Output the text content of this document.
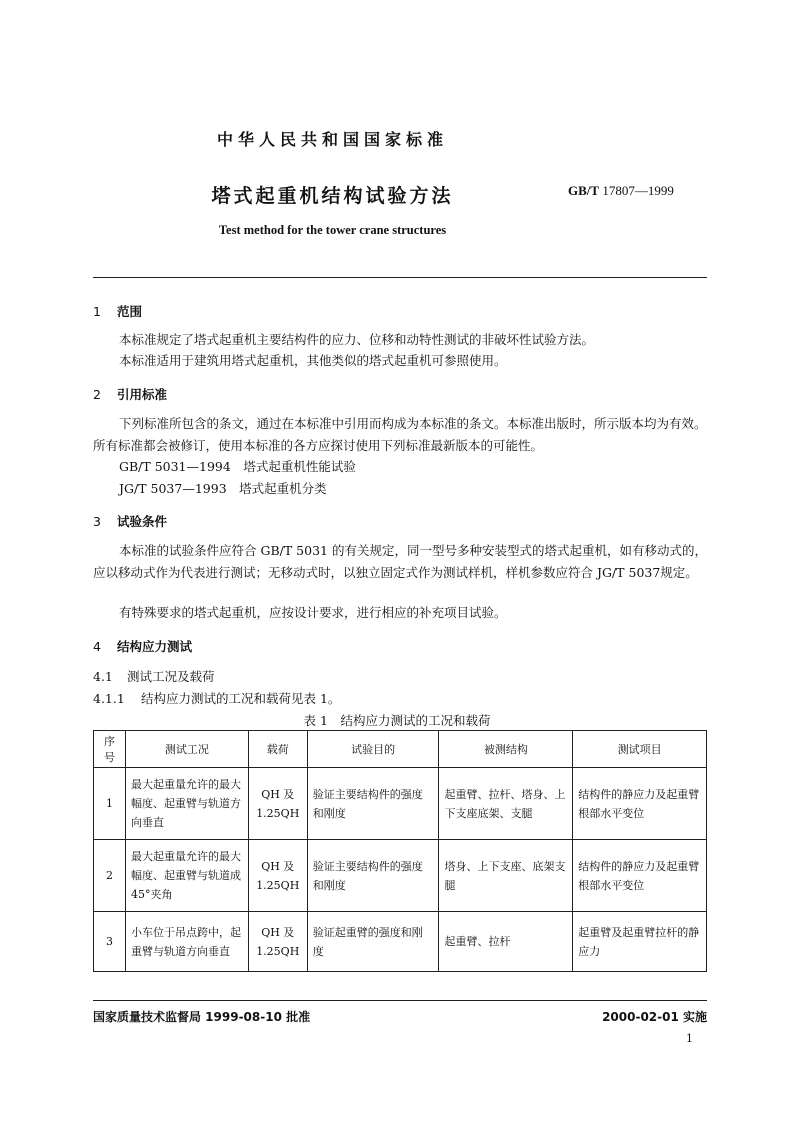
中华人民共和国国家标准
塔式起重机结构试验方法	GB/T 17807—1999
Test method for the tower crane structures
1 范围
本标准规定了塔式起重机主要结构件的应力、位移和动特性测试的非破坏性试验方法。
本标准适用于建筑用塔式起重机，其他类似的塔式起重机可参照使用。
2 引用标准
下列标准所包含的条文，通过在本标准中引用而构成为本标准的条文。本标准出版时，所示版本均为有效。所有标准都会被修订，使用本标准的各方应探讨使用下列标准最新版本的可能性。
GB/T 5031—1994　塔式起重机性能试验
JG/T 5037—1993　塔式起重机分类
3 试验条件
本标准的试验条件应符合 GB/T 5031 的有关规定，同一型号多种安装型式的塔式起重机，如有移动式的，应以移动式作为代表进行测试；无移动式时，以独立固定式作为测试样机，样机参数应符合 JG/T 5037规定。
有特殊要求的塔式起重机，应按设计要求，进行相应的补充项目试验。
4 结构应力测试
4.1 测试工况及载荷
4.1.1 结构应力测试的工况和载荷见表 1。
表 1　结构应力测试的工况和载荷
序号	测试工况	载荷	试验目的	被测结构	测试项目
1	最大起重量允许的最大幅度、起重臂与轨道方向垂直	QH 及 1.25QH	验证主要结构件的强度和刚度	起重臂、拉杆、塔身、上下支座底架、支腿	结构件的静应力及起重臂根部水平变位
2	最大起重量允许的最大幅度、起重臂与轨道成 45°夹角	QH 及 1.25QH	验证主要结构件的强度和刚度	塔身、上下支座、底架支腿	结构件的静应力及起重臂根部水平变位
3	小车位于吊点跨中，起重臂与轨道方向垂直	QH 及 1.25QH	验证起重臂的强度和刚度	起重臂、拉杆	起重臂及起重臂拉杆的静应力
国家质量技术监督局 1999-08-10 批准	2000-02-01 实施
1
